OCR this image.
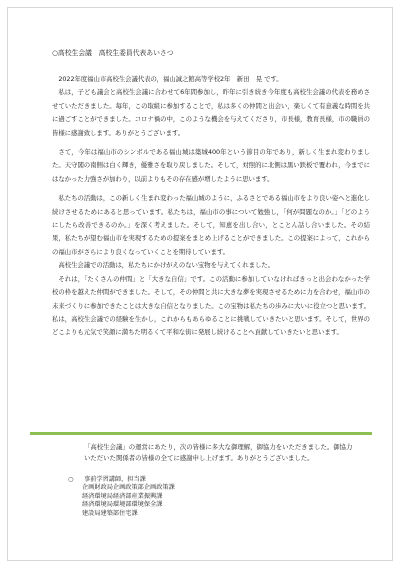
○高校生会議　高校生委員代表あいさつ

2022年度福山市高校生会議代表の，福山誠之館高等学校2年　新田　晃 です。

私は，子ども議会と高校生会議に合わせて6年間参加し，昨年に引き続き今年度も高校生会議の代表を務めさせていただきました。毎年，この取組に参加することで，私は多くの仲間と出会い，楽しくて有意義な時間を共に過ごすことができました。コロナ禍の中，このような機会を与えてくださり，市長様，教育長様，市の職員の皆様に感謝致します。ありがとうございます。

さて，今年は福山市のシンボルである福山城は築城400年という節目の年であり，新しく生まれ変わりました。天守閣の南側は白く輝き，優雅さを取り戻しました。そして，対照的に北側は黒い鉄板で覆われ，今までにはなかった力強さが加わり，以前よりもその存在感が増したように思います。

私たちの活動は，この新しく生まれ変わった福山城のように，ふるさとである福山市をより良い姿へと進化し続けさせるためにあると思っています。私たちは，福山市の事について勉強し，「何が問題なのか。」「どのようにしたら改善できるのか。」を深く考えました。そして，知恵を出し合い，とことん話し合いました。その結果，私たちが望む福山市を実現するための提案をまとめ上げることができました。この提案によって，これからの福山市がさらにより良くなっていくことを期待しています。

高校生会議での活動は，私たちにかけがえのない宝物を与えてくれました。

それは，「たくさんの仲間」と「大きな自信」です。この活動に参加していなければきっと出会わなかった学校の枠を越えた仲間ができました。そして，その仲間と共に大きな夢を実現させるために力を合わせ，福山市の未来づくりに参加できたことは大きな自信となりました。この宝物は私たちの歩みに大いに役立つと思います。私は，高校生会議での経験を生かし，これからもあらゆることに挑戦していきたいと思います。そして，世界のどこよりも元気で笑顔に満ちた明るくて平和な街に発展し続けることへ貢献していきたいと思います。

「高校生会議」の運営にあたり，次の皆様に多大な御理解，御協力をいただきました。御協力いただいた関係者の皆様の全てに感謝申し上げます。ありがとうございました。

○ 事前学習講師，担当課
企画財政局企画政策部企画政策課
経済環境局経済部産業振興課
経済環境局環境部環境保全課
建設局建築部住宅課
